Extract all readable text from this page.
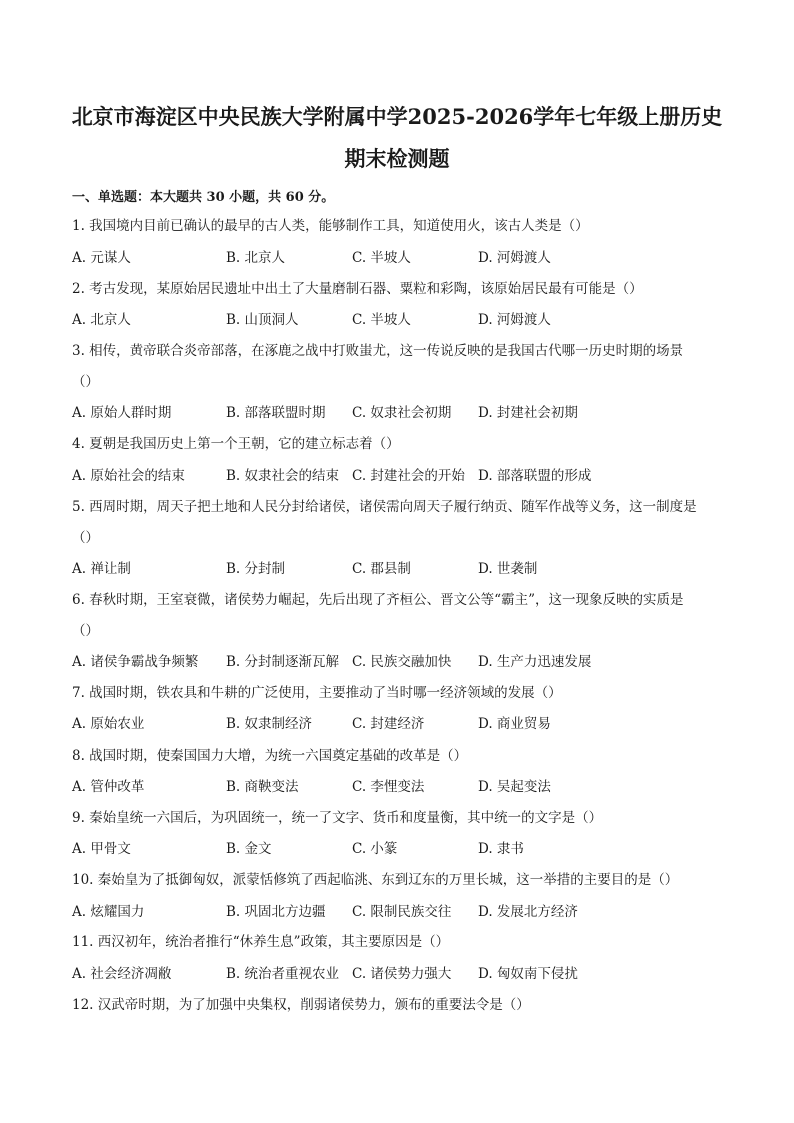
北京市海淀区中央民族大学附属中学2025-2026学年七年级上册历史
期末检测题
一、单选题：本大题共 30 小题，共 60 分。
1. 我国境内目前已确认的最早的古人类，能够制作工具，知道使用火，该古人类是（）
A. 元谋人	B. 北京人	C. 半坡人	D. 河姆渡人
2. 考古发现，某原始居民遗址中出土了大量磨制石器、粟粒和彩陶，该原始居民最有可能是（）
A. 北京人	B. 山顶洞人	C. 半坡人	D. 河姆渡人
3. 相传，黄帝联合炎帝部落，在涿鹿之战中打败蚩尤，这一传说反映的是我国古代哪一历史时期的场景
（）
A. 原始人群时期	B. 部落联盟时期 C. 奴隶社会初期 D. 封建社会初期
4. 夏朝是我国历史上第一个王朝，它的建立标志着（）
A. 原始社会的结束	B. 奴隶社会的结束 C. 封建社会的开始 D. 部落联盟的形成
5. 西周时期，周天子把土地和人民分封给诸侯，诸侯需向周天子履行纳贡、随军作战等义务，这一制度是
（）
A. 禅让制	B. 分封制	C. 郡县制	D. 世袭制
6. 春秋时期，王室衰微，诸侯势力崛起，先后出现了齐桓公、晋文公等“霸主”，这一现象反映的实质是
（）
A. 诸侯争霸战争频繁 B. 分封制逐渐瓦解 C. 民族交融加快 D. 生产力迅速发展
7. 战国时期，铁农具和牛耕的广泛使用，主要推动了当时哪一经济领域的发展（）
A. 原始农业	B. 奴隶制经济	C. 封建经济	D. 商业贸易
8. 战国时期，使秦国国力大增，为统一六国奠定基础的改革是（）
A. 管仲改革	B. 商鞅变法	C. 李悝变法	D. 吴起变法
9. 秦始皇统一六国后，为巩固统一，统一了文字、货币和度量衡，其中统一的文字是（）
A. 甲骨文	B. 金文	C. 小篆	D. 隶书
10. 秦始皇为了抵御匈奴，派蒙恬修筑了西起临洮、东到辽东的万里长城，这一举措的主要目的是（）
A. 炫耀国力	B. 巩固北方边疆 C. 限制民族交往 D. 发展北方经济
11. 西汉初年，统治者推行“休养生息”政策，其主要原因是（）
A. 社会经济凋敝	B. 统治者重视农业 C. 诸侯势力强大 D. 匈奴南下侵扰
12. 汉武帝时期，为了加强中央集权，削弱诸侯势力，颁布的重要法令是（）
